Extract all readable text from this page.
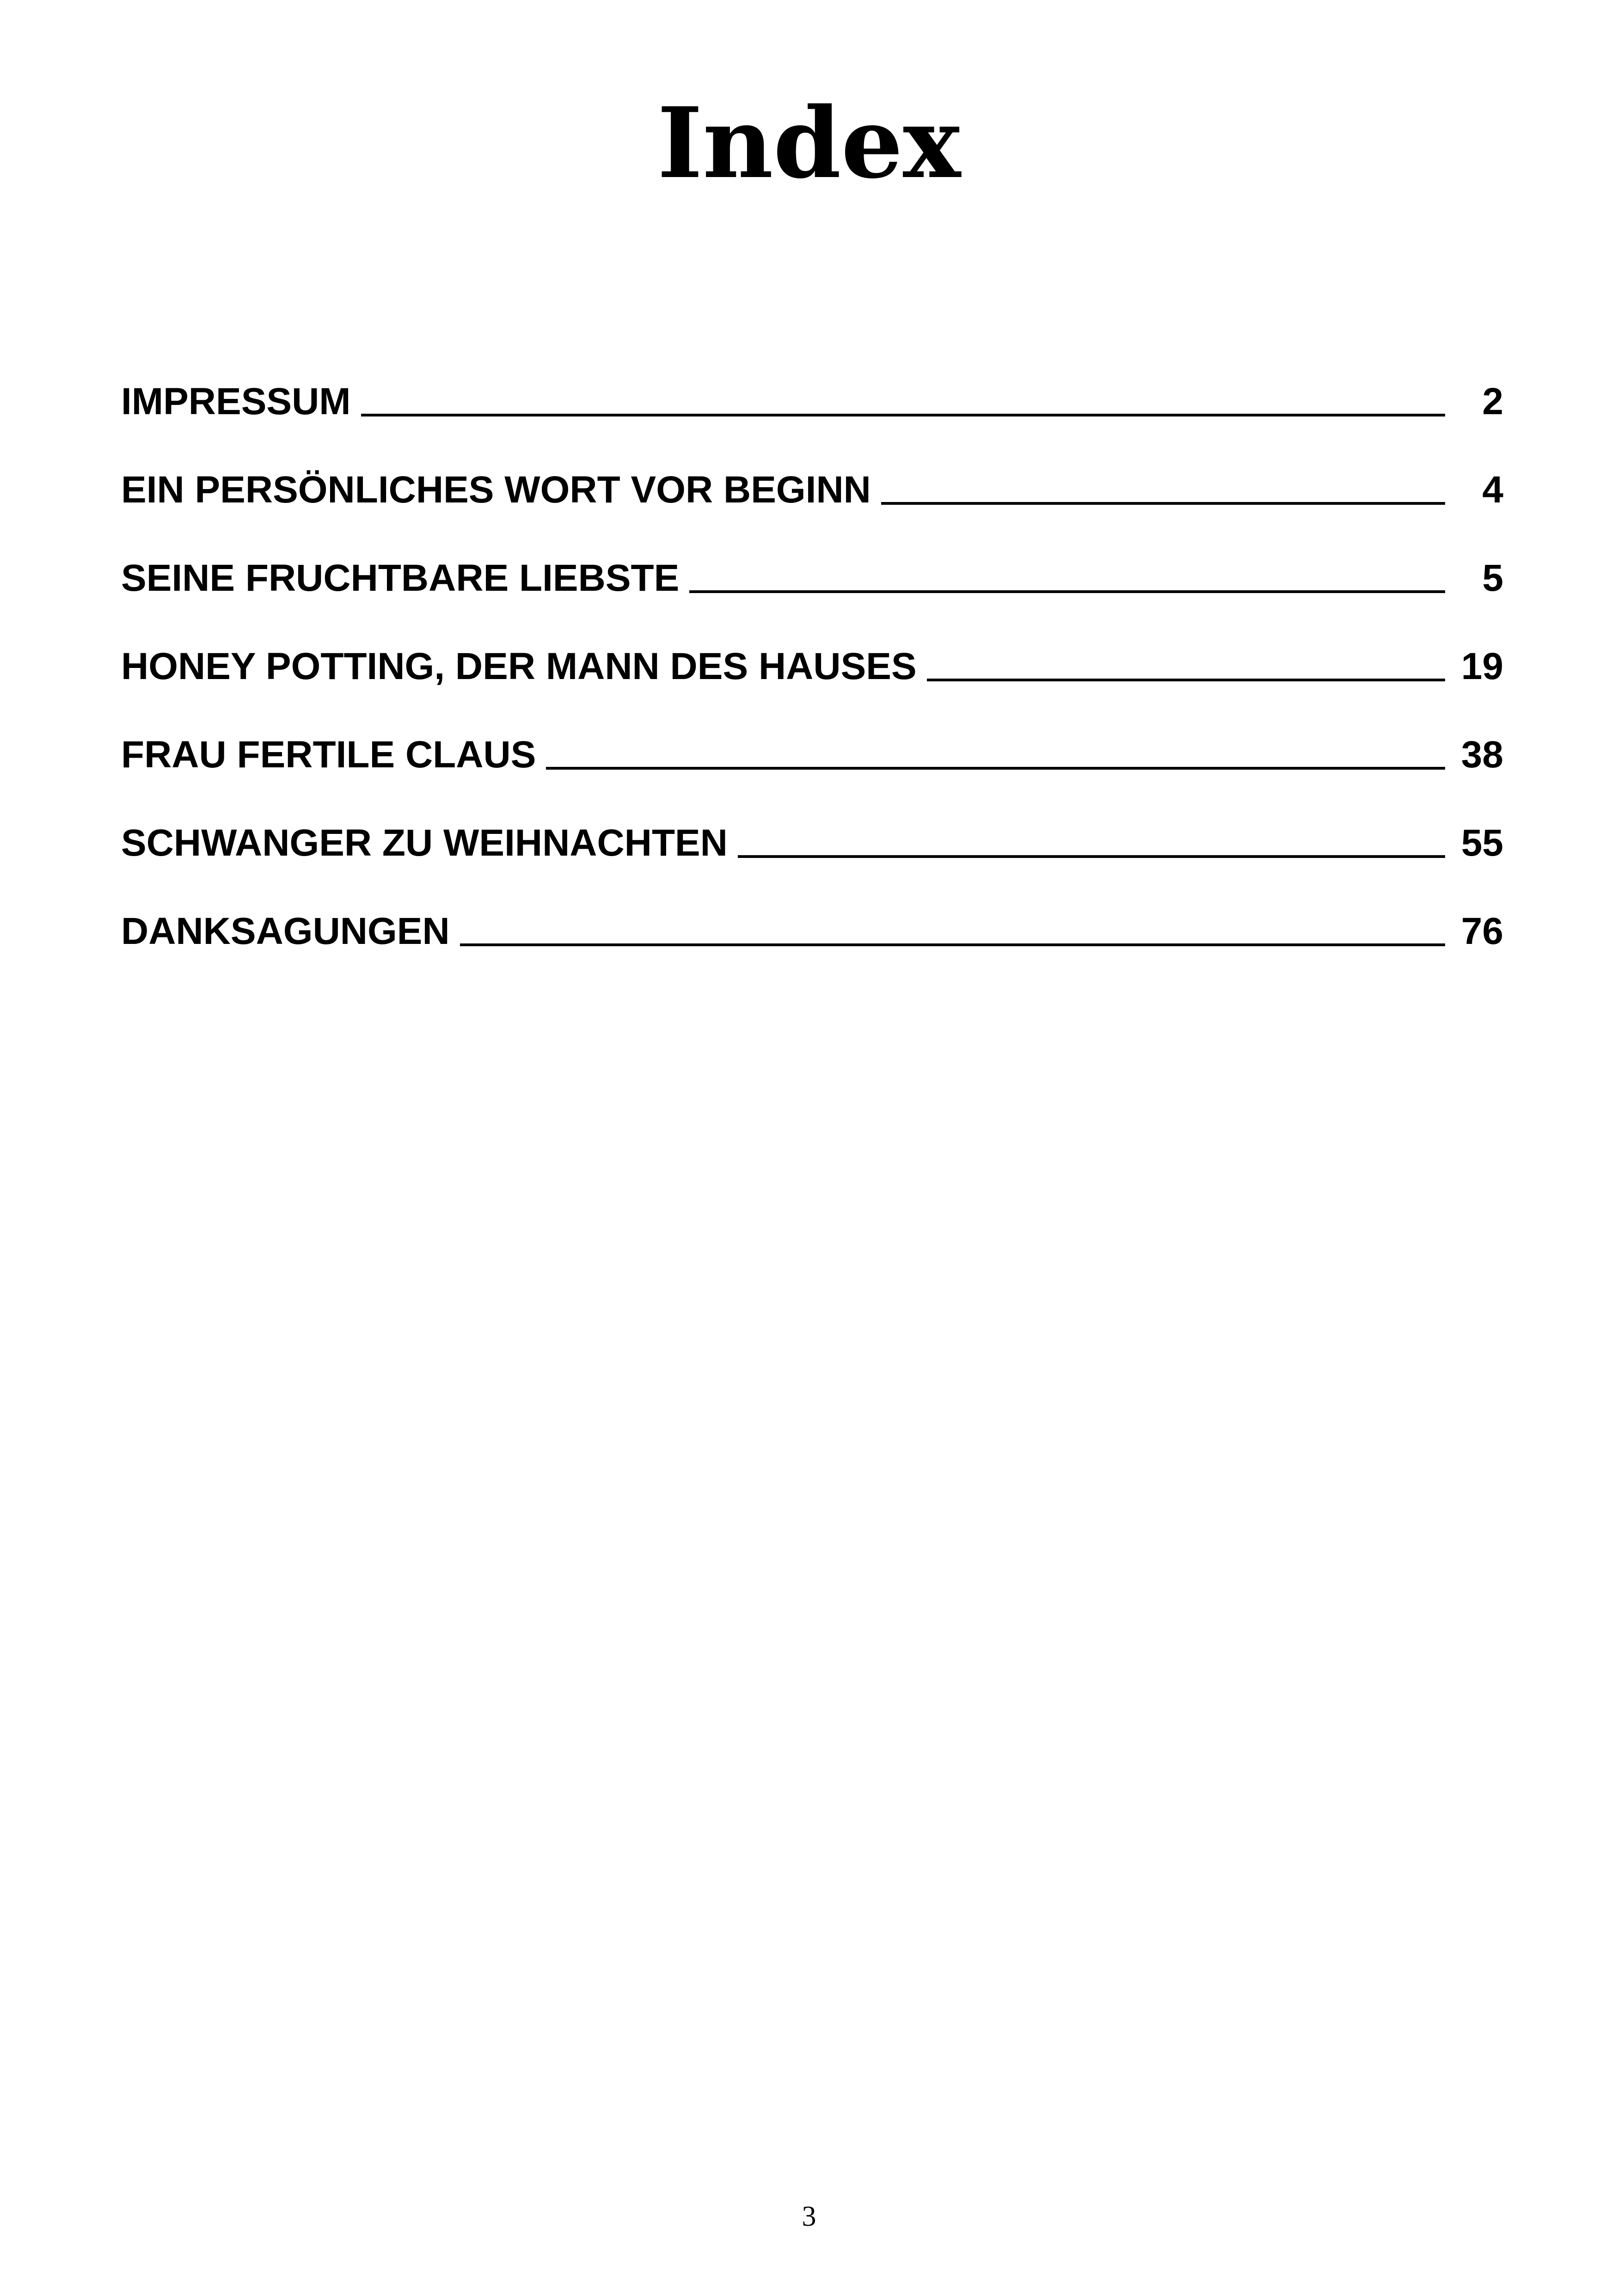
Index
IMPRESSUM	2
EIN PERSÖNLICHES WORT VOR BEGINN	4
SEINE FRUCHTBARE LIEBSTE	5
HONEY POTTING, DER MANN DES HAUSES	19
FRAU FERTILE CLAUS	38
SCHWANGER ZU WEIHNACHTEN	55
DANKSAGUNGEN	76
3
